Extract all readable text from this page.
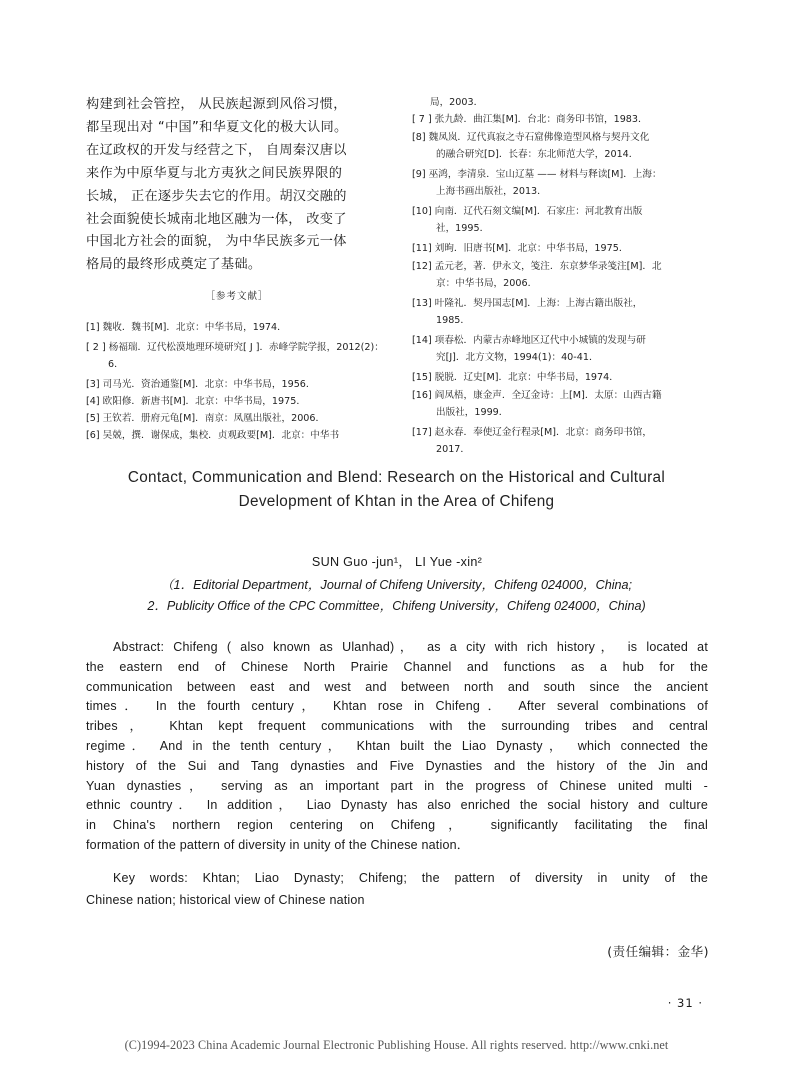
构建到社会管控， 从民族起源到风俗习惯，

都呈现出对 “中国”和华夏文化的极大认同。

在辽政权的开发与经营之下， 自周秦汉唐以

来作为中原华夏与北方夷狄之间民族界限的

长城， 正在逐步失去它的作用。胡汉交融的

社会面貌使长城南北地区融为一体， 改变了

中国北方社会的面貌， 为中华民族多元一体

格局的最终形成奠定了基础。

［参考文献］
[1] 魏收．魏书[M]．北京：中华书局，1974．
[ 2 ] 杨福瑞．辽代松漠地理环境研究[ J ]．赤峰学院学报，2012(2)：6．
[3] 司马光．资治通鉴[M]．北京：中华书局，1956．
[4] 欧阳修．新唐书[M]．北京：中华书局，1975．
[5] 王钦若．册府元龟[M]．南京：凤凰出版社，2006．
[6] 吴兢，撰．谢保成，集校．贞观政要[M]．北京：中华书
局，2003．
[ 7 ] 张九龄．曲江集[M]．台北：商务印书馆，1983．
[8] 魏凤岚．辽代真寂之寺石窟佛像造型风格与契丹文化
的融合研究[D]．长春：东北师范大学，2014．
[9] 巫鸿，李清泉．宝山辽墓 —— 材料与释读[M]．上海：
上海书画出版社，2013．
[10] 向南．辽代石刻文编[M]．石家庄：河北教育出版
社，1995．
[11] 刘昫．旧唐书[M]．北京：中华书局，1975．
[12] 孟元老，著．伊永文，笺注．东京梦华录笺注[M]．北
京：中华书局，2006．
[13] 叶隆礼．契丹国志[M]．上海：上海古籍出版社，
1985．
[14] 项春松．内蒙古赤峰地区辽代中小城镇的发现与研
究[J]．北方文物，1994(1)：40-41．
[15] 脱脱．辽史[M]．北京：中华书局，1974．
[16] 阎凤梧，康金声．全辽金诗：上[M]．太原：山西古籍
出版社，1999．
[17] 赵永春．奉使辽金行程录[M]．北京：商务印书馆，
2017．
Contact, Communication and Blend: Research on the Historical and Cultural
Development of Khtan in the Area of Chifeng
SUN Guo -jun¹， LI Yue -xin²
（1．Editorial Department，Journal of Chifeng University，Chifeng 024000，China;
2．Publicity Office of the CPC Committee，Chifeng University，Chifeng 024000，China)
Abstract: Chifeng ( also known as Ulanhad)， as a city with rich history， is located at
the eastern end of Chinese North Prairie Channel and functions as a hub for the
communication between east and west and between north and south since the ancient
times． In the fourth century， Khtan rose in Chifeng． After several combinations of
tribes， Khtan kept frequent communications with the surrounding tribes and central
regime． And in the tenth century， Khtan built the Liao Dynasty， which connected the
history of the Sui and Tang dynasties and Five Dynasties and the history of the Jin and
Yuan dynasties， serving as an important part in the progress of Chinese united multi -
ethnic country． In addition， Liao Dynasty has also enriched the social history and culture
in China's northern region centering on Chifeng， significantly facilitating the final
formation of the pattern of diversity in unity of the Chinese nation．
Key words: Khtan; Liao Dynasty; Chifeng; the pattern of diversity in unity of the
Chinese nation; historical view of Chinese nation
(责任编辑：金华)
· 31 ·
(C)1994-2023 China Academic Journal Electronic Publishing House. All rights reserved. http://www.cnki.net
